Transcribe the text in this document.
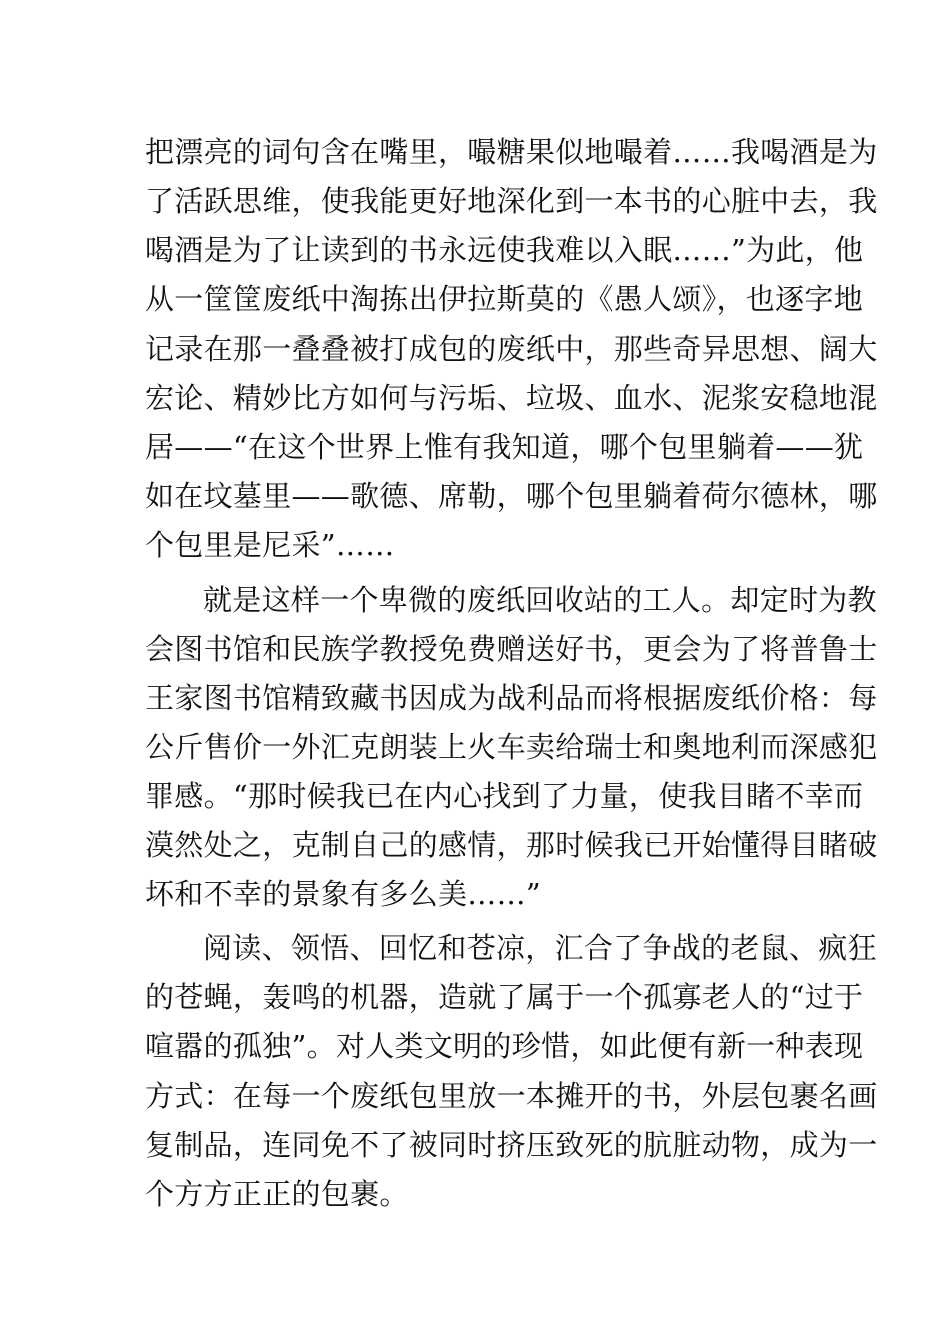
把漂亮的词句含在嘴里，嘬糖果似地嘬着……我喝酒是为
了活跃思维，使我能更好地深化到一本书的心脏中去，我
喝酒是为了让读到的书永远使我难以入眠……”为此，他
从一筐筐废纸中淘拣出伊拉斯莫的《愚人颂》，也逐字地
记录在那一叠叠被打成包的废纸中，那些奇异思想、阔大
宏论、精妙比方如何与污垢、垃圾、血水、泥浆安稳地混
居——“在这个世界上惟有我知道，哪个包里躺着——犹
如在坟墓里——歌德、席勒，哪个包里躺着荷尔德林，哪
个包里是尼采”……
就是这样一个卑微的废纸回收站的工人。却定时为教
会图书馆和民族学教授免费赠送好书，更会为了将普鲁士
王家图书馆精致藏书因成为战利品而将根据废纸价格：每
公斤售价一外汇克朗装上火车卖给瑞士和奥地利而深感犯
罪感。“那时候我已在内心找到了力量，使我目睹不幸而
漠然处之，克制自己的感情，那时候我已开始懂得目睹破
坏和不幸的景象有多么美……”
阅读、领悟、回忆和苍凉，汇合了争战的老鼠、疯狂
的苍蝇，轰鸣的机器，造就了属于一个孤寡老人的“过于
喧嚣的孤独”。对人类文明的珍惜，如此便有新一种表现
方式：在每一个废纸包里放一本摊开的书，外层包裹名画
复制品，连同免不了被同时挤压致死的肮脏动物，成为一
个方方正正的包裹。
